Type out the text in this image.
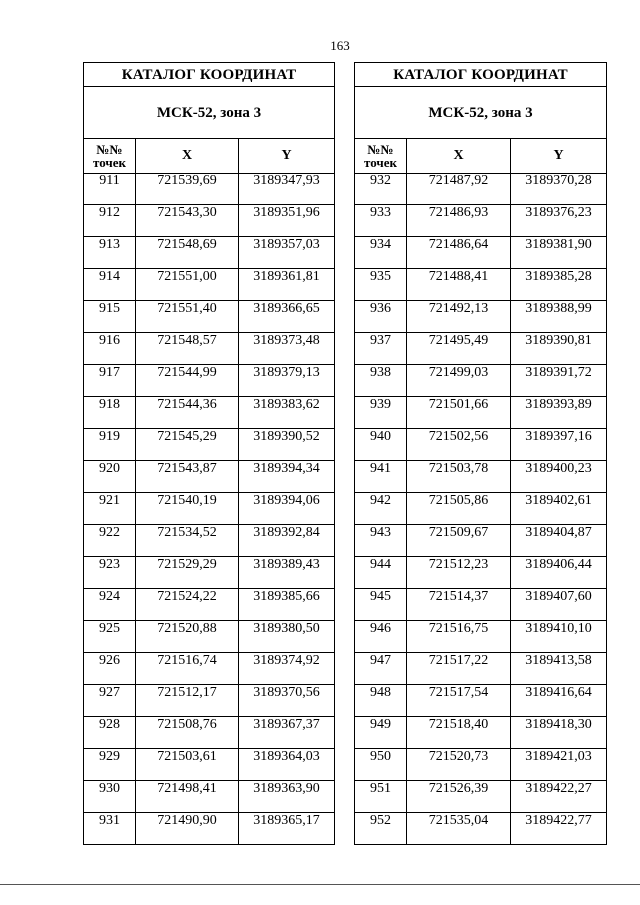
163
КАТАЛОГ КООРДИНАТ		
МСК-52, зона 3		

№№
точек	X	Y
911	721539,69	3189347,93
912	721543,30	3189351,96
913	721548,69	3189357,03
914	721551,00	3189361,81
915	721551,40	3189366,65
916	721548,57	3189373,48
917	721544,99	3189379,13
918	721544,36	3189383,62
919	721545,29	3189390,52
920	721543,87	3189394,34
921	721540,19	3189394,06
922	721534,52	3189392,84
923	721529,29	3189389,43
924	721524,22	3189385,66
925	721520,88	3189380,50
926	721516,74	3189374,92
927	721512,17	3189370,56
928	721508,76	3189367,37
929	721503,61	3189364,03
930	721498,41	3189363,90
931	721490,90	3189365,17
КАТАЛОГ КООРДИНАТ		
МСК-52, зона 3		

№№
точек	X	Y
932	721487,92	3189370,28
933	721486,93	3189376,23
934	721486,64	3189381,90
935	721488,41	3189385,28
936	721492,13	3189388,99
937	721495,49	3189390,81
938	721499,03	3189391,72
939	721501,66	3189393,89
940	721502,56	3189397,16
941	721503,78	3189400,23
942	721505,86	3189402,61
943	721509,67	3189404,87
944	721512,23	3189406,44
945	721514,37	3189407,60
946	721516,75	3189410,10
947	721517,22	3189413,58
948	721517,54	3189416,64
949	721518,40	3189418,30
950	721520,73	3189421,03
951	721526,39	3189422,27
952	721535,04	3189422,77
